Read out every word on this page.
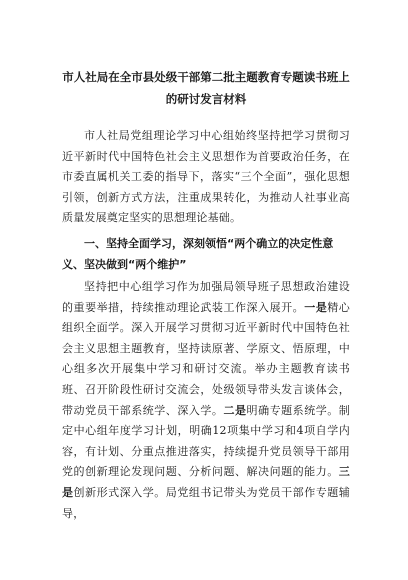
市人社局在全市县处级干部第二批主题教育专题读书班上
的研讨发言材料

市人社局党组理论学习中心组始终坚持把学习贯彻习近平新时代中国特色社会主义思想作为首要政治任务，在市委直属机关工委的指导下，落实“三个全面”，强化思想引领，创新方式方法，注重成果转化，为推动人社事业高质量发展奠定坚实的思想理论基础。

一、坚持全面学习，深刻领悟“两个确立的决定性意义、坚决做到“两个维护”

坚持把中心组学习作为加强局领导班子思想政治建设的重要举措，持续推动理论武装工作深入展开。一是精心组织全面学。深入开展学习贯彻习近平新时代中国特色社会主义思想主题教育，坚持读原著、学原文、悟原理，中心组多次开展集中学习和研讨交流。举办主题教育读书班、召开阶段性研讨交流会，处级领导带头发言谈体会，带动党员干部系统学、深入学。二是明确专题系统学。制定中心组年度学习计划，明确12项集中学习和4项自学内容，有计划、分重点推进落实，持续提升党员领导干部用党的创新理论发现问题、分析问题、解决问题的能力。三是创新形式深入学。局党组书记带头为党员干部作专题辅导，
